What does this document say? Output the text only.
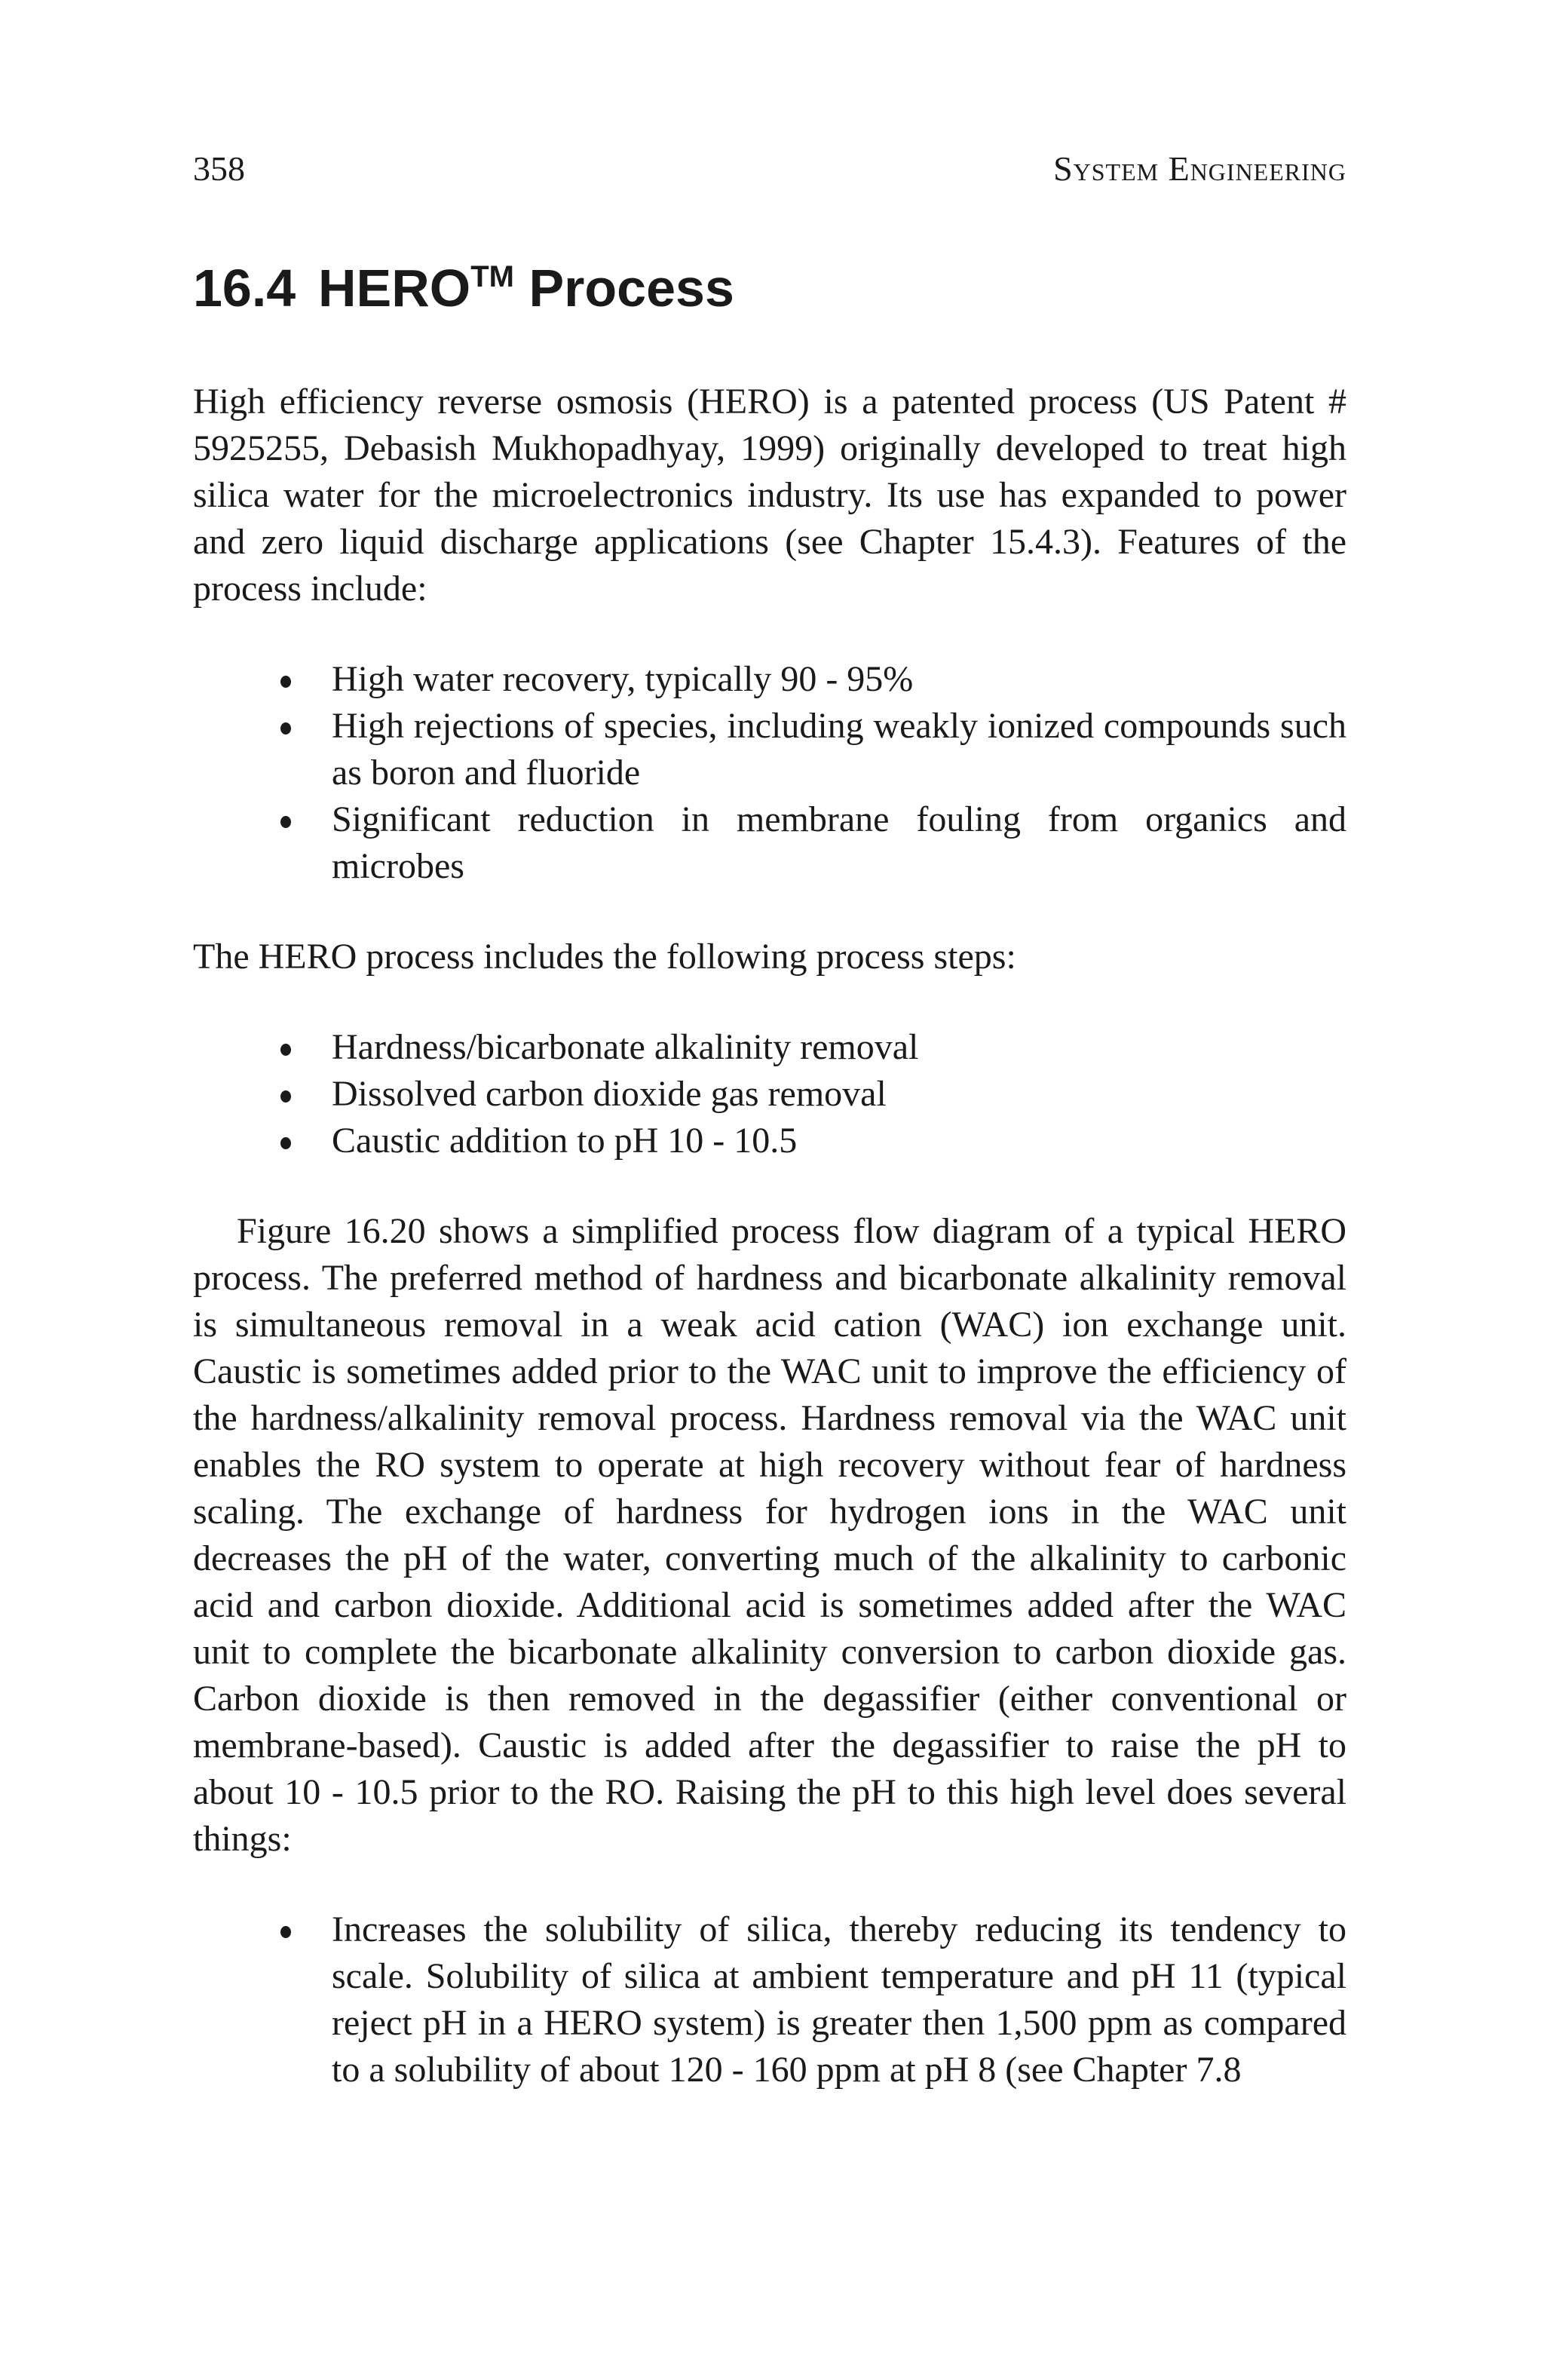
358	System Engineering
16.4 HERO™ Process

High efficiency reverse osmosis (HERO) is a patented process (US Patent # 5925255, Debasish Mukhopadhyay, 1999) originally developed to treat high silica water for the microelectronics industry. Its use has expanded to power and zero liquid discharge applications (see Chapter 15.4.3). Features of the process include:

High water recovery, typically 90 - 95%
High rejections of species, including weakly ionized compounds such as boron and fluoride
Significant reduction in membrane fouling from organics and microbes

The HERO process includes the following process steps:

Hardness/bicarbonate alkalinity removal
Dissolved carbon dioxide gas removal
Caustic addition to pH 10 - 10.5

Figure 16.20 shows a simplified process flow diagram of a typical HERO process. The preferred method of hardness and bicarbonate alkalinity removal is simultaneous removal in a weak acid cation (WAC) ion exchange unit. Caustic is sometimes added prior to the WAC unit to improve the efficiency of the hardness/alkalinity removal process. Hardness removal via the WAC unit enables the RO system to operate at high recovery without fear of hardness scaling. The exchange of hardness for hydrogen ions in the WAC unit decreases the pH of the water, converting much of the alkalinity to carbonic acid and carbon dioxide. Additional acid is sometimes added after the WAC unit to complete the bicarbonate alkalinity conversion to carbon dioxide gas. Carbon dioxide is then removed in the degassifier (either conventional or membrane-based). Caustic is added after the degassifier to raise the pH to about 10 - 10.5 prior to the RO. Raising the pH to this high level does several things:

Increases the solubility of silica, thereby reducing its tendency to scale. Solubility of silica at ambient temperature and pH 11 (typical reject pH in a HERO system) is greater then 1,500 ppm as compared to a solubility of about 120 - 160 ppm at pH 8 (see Chapter 7.8
